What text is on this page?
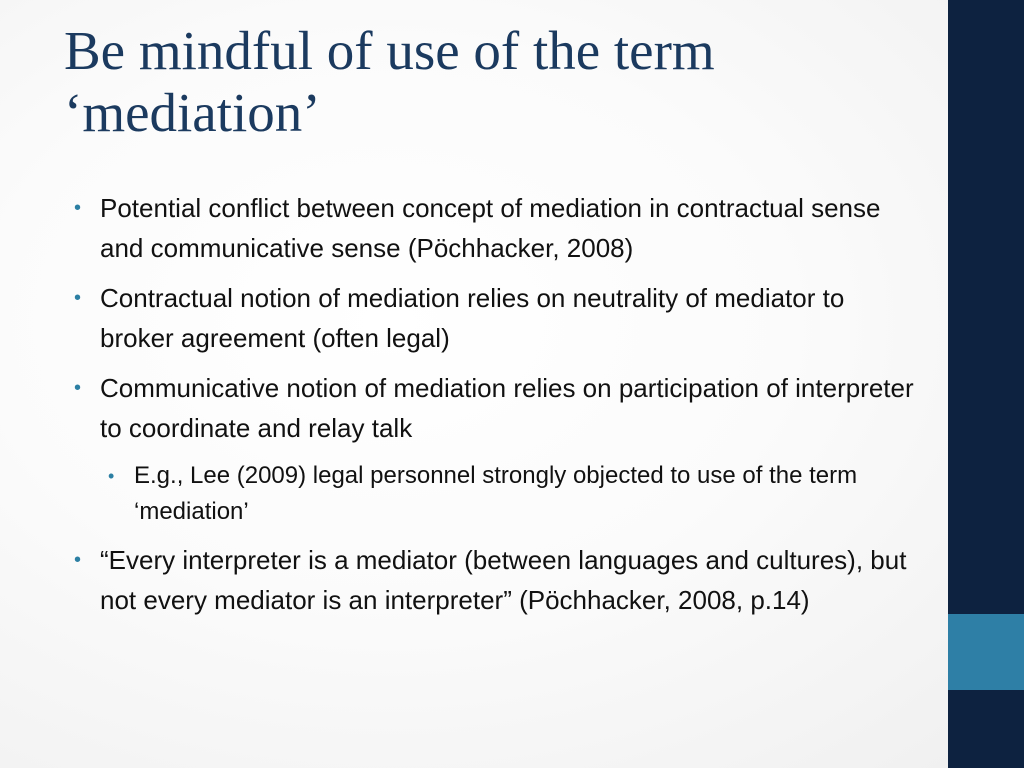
Be mindful of use of the term
‘mediation’
• Potential conflict between concept of mediation in contractual sense and communicative sense (Pöchhacker, 2008)
• Contractual notion of mediation relies on neutrality of mediator to broker agreement (often legal)
• Communicative notion of mediation relies on participation of interpreter to coordinate and relay talk
• E.g., Lee (2009) legal personnel strongly objected to use of the term ‘mediation’
• “Every interpreter is a mediator (between languages and cultures), but not every mediator is an interpreter” (Pöchhacker, 2008, p.14)
